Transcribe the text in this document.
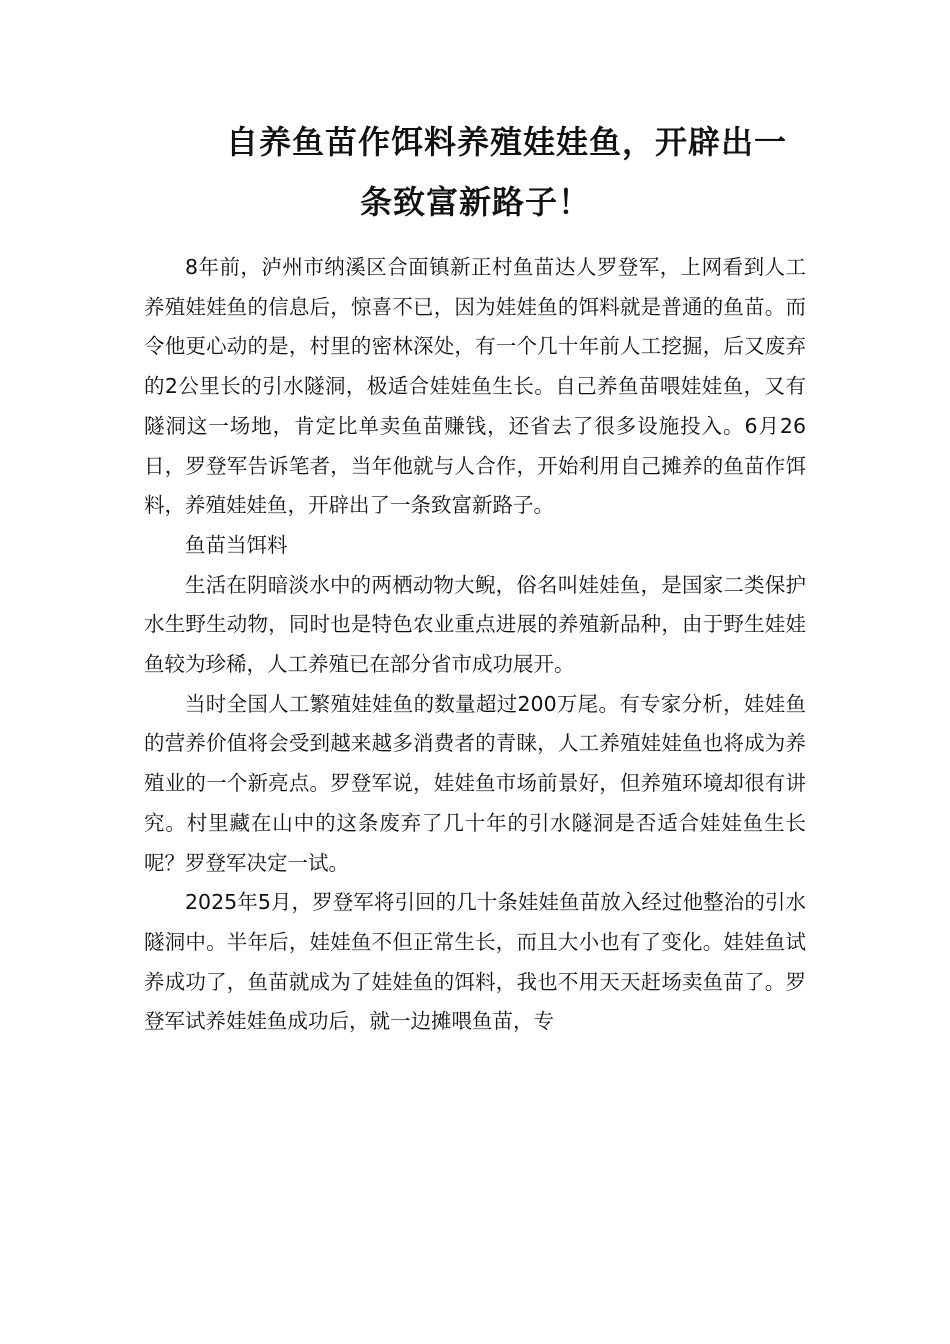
自养鱼苗作饵料养殖娃娃鱼，开辟出一
条致富新路子！

8年前，泸州市纳溪区合面镇新正村鱼苗达人罗登军，上网看到人工养殖娃娃鱼的信息后，惊喜不已，因为娃娃鱼的饵料就是普通的鱼苗。而令他更心动的是，村里的密林深处，有一个几十年前人工挖掘，后又废弃的2公里长的引水隧洞，极适合娃娃鱼生长。自己养鱼苗喂娃娃鱼，又有隧洞这一场地，肯定比单卖鱼苗赚钱，还省去了很多设施投入。6月26日，罗登军告诉笔者，当年他就与人合作，开始利用自己摊养的鱼苗作饵料，养殖娃娃鱼，开辟出了一条致富新路子。

鱼苗当饵料

生活在阴暗淡水中的两栖动物大鲵，俗名叫娃娃鱼，是国家二类保护水生野生动物，同时也是特色农业重点进展的养殖新品种，由于野生娃娃鱼较为珍稀，人工养殖已在部分省市成功展开。

当时全国人工繁殖娃娃鱼的数量超过200万尾。有专家分析，娃娃鱼的营养价值将会受到越来越多消费者的青睐，人工养殖娃娃鱼也将成为养殖业的一个新亮点。罗登军说，娃娃鱼市场前景好，但养殖环境却很有讲究。村里藏在山中的这条废弃了几十年的引水隧洞是否适合娃娃鱼生长呢？罗登军决定一试。

2025年5月，罗登军将引回的几十条娃娃鱼苗放入经过他整治的引水隧洞中。半年后，娃娃鱼不但正常生长，而且大小也有了变化。娃娃鱼试养成功了，鱼苗就成为了娃娃鱼的饵料，我也不用天天赶场卖鱼苗了。罗登军试养娃娃鱼成功后，就一边摊喂鱼苗，专
